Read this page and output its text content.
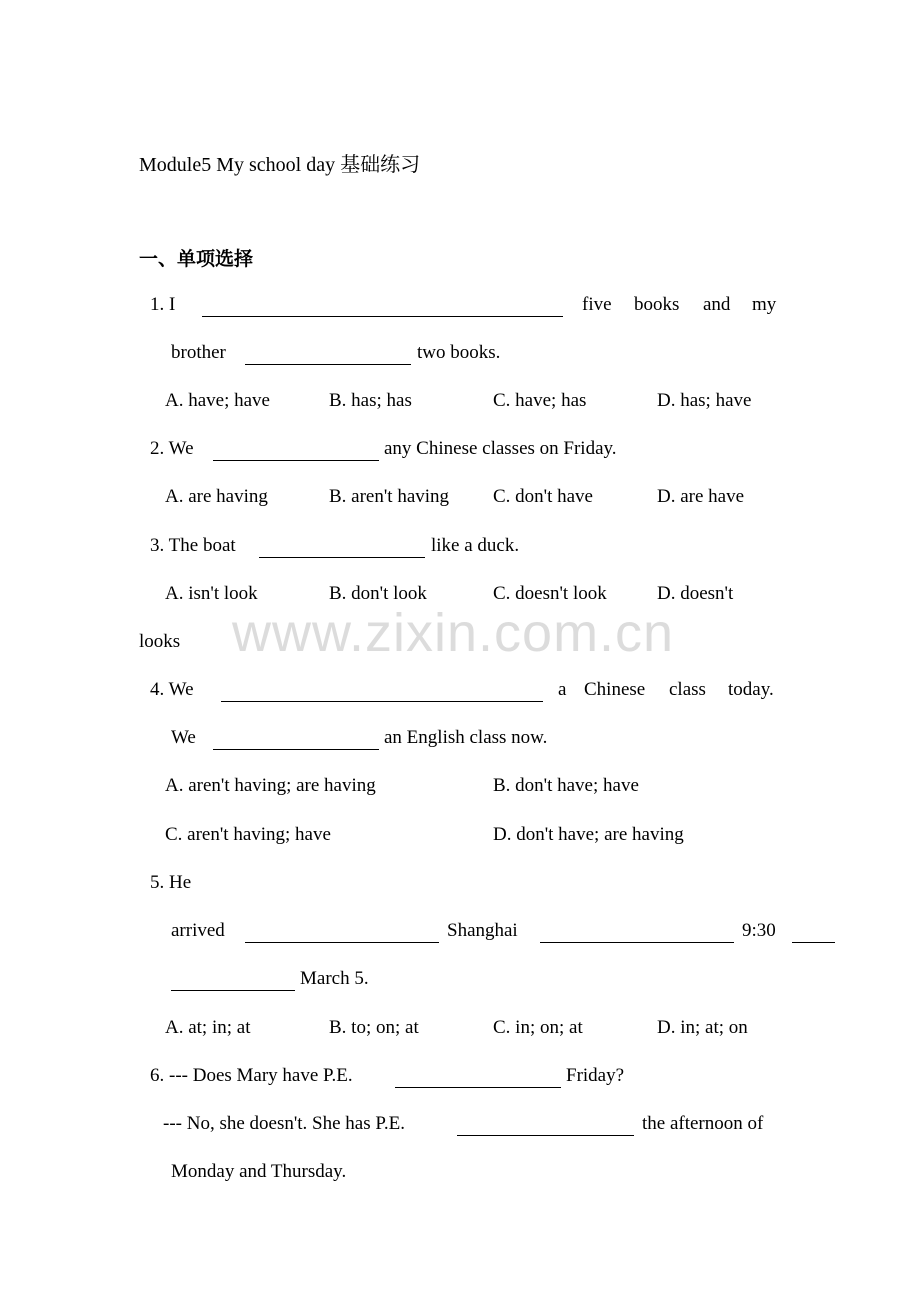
www.zixin.com.cn
Module5 My school day 基础练习
一、单项选择
1. I	five books and my
brother	two books.
A. have; have	B. has; has	C. have; has	D. has; have
2. We	any Chinese classes on Friday.
A. are having	B. aren't having C. don't have	D. are have
3. The boat	like a duck.
A. isn't look	B. don't look	C. doesn't look	D. doesn't
looks
4. We	a Chinese class today.
We	an English class now.
A. aren't having; are having	B. don't have; have
C. aren't having; have	D. don't have; are having
5. He
arrived	Shanghai	9:30
March 5.
A. at; in; at	B. to; on; at	C. in; on; at	D. in; at; on
6. --- Does Mary have P.E.	Friday?
--- No, she doesn't. She has P.E.	the afternoon of
Monday and Thursday.
